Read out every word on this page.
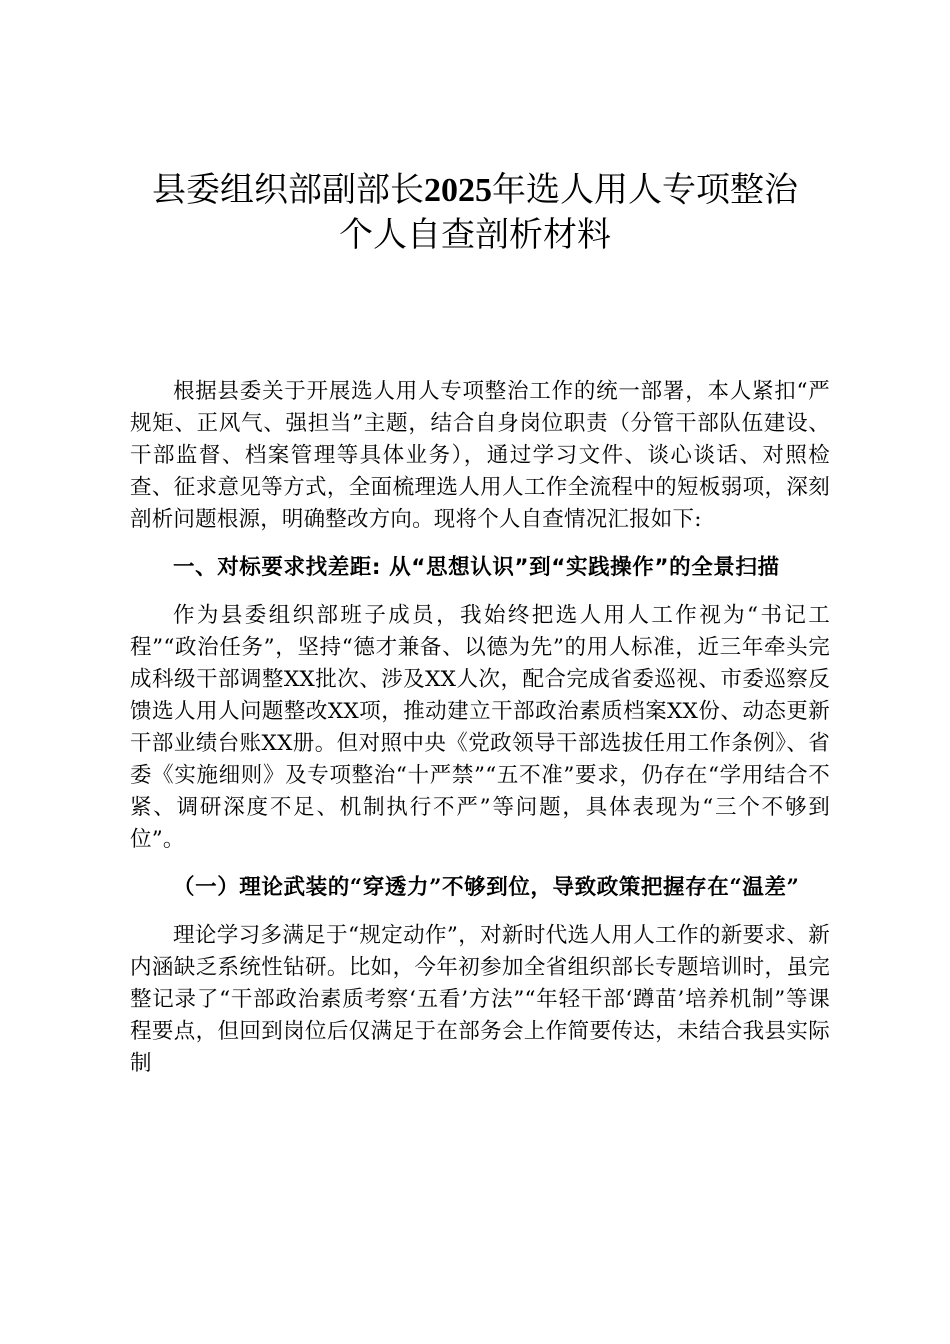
县委组织部副部长2025年选人用人专项整治
个人自查剖析材料

根据县委关于开展选人用人专项整治工作的统一部署，本人紧扣“严规矩、正风气、强担当”主题，结合自身岗位职责（分管干部队伍建设、干部监督、档案管理等具体业务），通过学习文件、谈心谈话、对照检查、征求意见等方式，全面梳理选人用人工作全流程中的短板弱项，深刻剖析问题根源，明确整改方向。现将个人自查情况汇报如下:

一、对标要求找差距: 从“思想认识”到“实践操作”的全景扫描

作为县委组织部班子成员，我始终把选人用人工作视为“书记工程”“政治任务”，坚持“德才兼备、以德为先”的用人标准，近三年牵头完成科级干部调整XX批次、涉及XX人次，配合完成省委巡视、市委巡察反馈选人用人问题整改XX项，推动建立干部政治素质档案XX份、动态更新干部业绩台账XX册。但对照中央《党政领导干部选拔任用工作条例》、省委《实施细则》及专项整治“十严禁”“五不准”要求，仍存在“学用结合不紧、调研深度不足、机制执行不严”等问题，具体表现为“三个不够到位”。

（一）理论武装的“穿透力”不够到位，导致政策把握存在“温差”

理论学习多满足于“规定动作”，对新时代选人用人工作的新要求、新内涵缺乏系统性钻研。比如，今年初参加全省组织部长专题培训时，虽完整记录了“干部政治素质考察‘五看’方法”“年轻干部‘蹲苗’培养机制”等课程要点，但回到岗位后仅满足于在部务会上作简要传达，未结合我县实际制
